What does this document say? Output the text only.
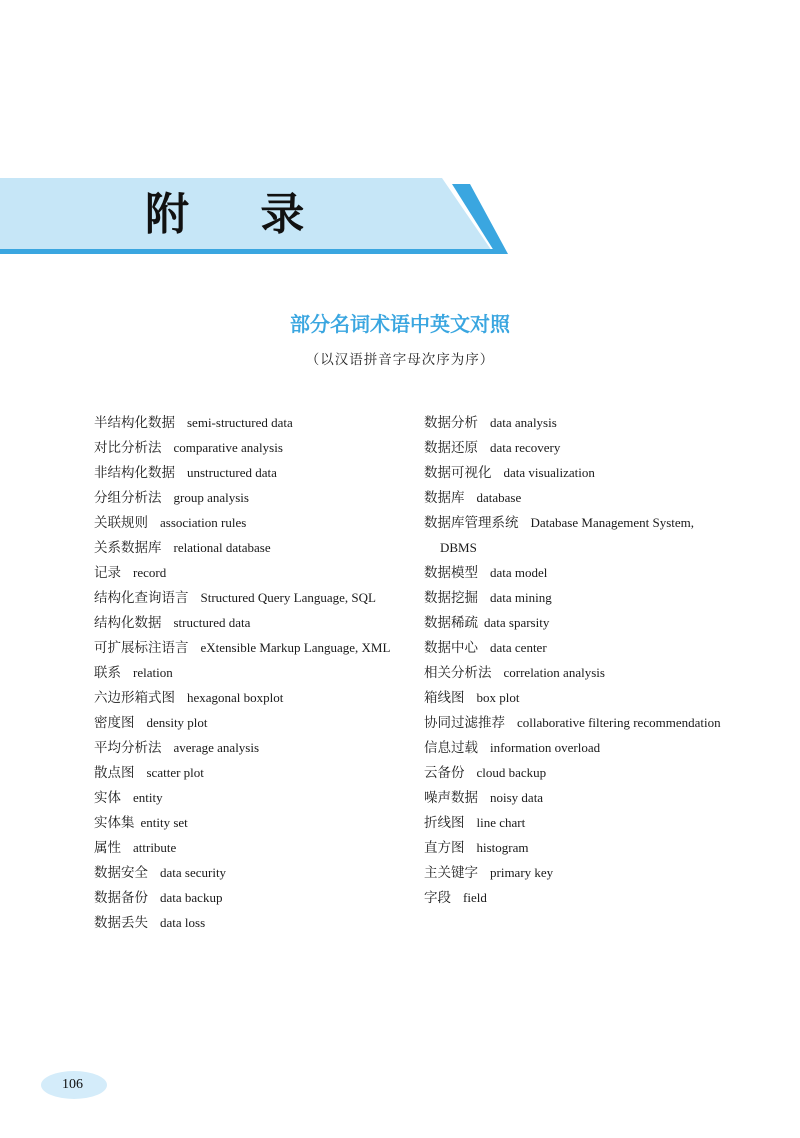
附 录
部分名词术语中英文对照
（以汉语拼音字母次序为序）
半结构化数据 semi-structured data
对比分析法 comparative analysis
非结构化数据 unstructured data
分组分析法 group analysis
关联规则 association rules
关系数据库 relational database
记录 record
结构化查询语言 Structured Query Language, SQL
结构化数据 structured data
可扩展标注语言 eXtensible Markup Language, XML
联系 relation
六边形箱式图 hexagonal boxplot
密度图 density plot
平均分析法 average analysis
散点图 scatter plot
实体 entity
实体集 entity set
属性 attribute
数据安全 data security
数据备份 data backup
数据丢失 data loss
数据分析 data analysis
数据还原 data recovery
数据可视化 data visualization
数据库 database
数据库管理系统 Database Management System,
DBMS
数据模型 data model
数据挖掘 data mining
数据稀疏 data sparsity
数据中心 data center
相关分析法 correlation analysis
箱线图 box plot
协同过滤推荐 collaborative filtering recommendation
信息过载 information overload
云备份 cloud backup
噪声数据 noisy data
折线图 line chart
直方图 histogram
主关键字 primary key
字段 field
106
